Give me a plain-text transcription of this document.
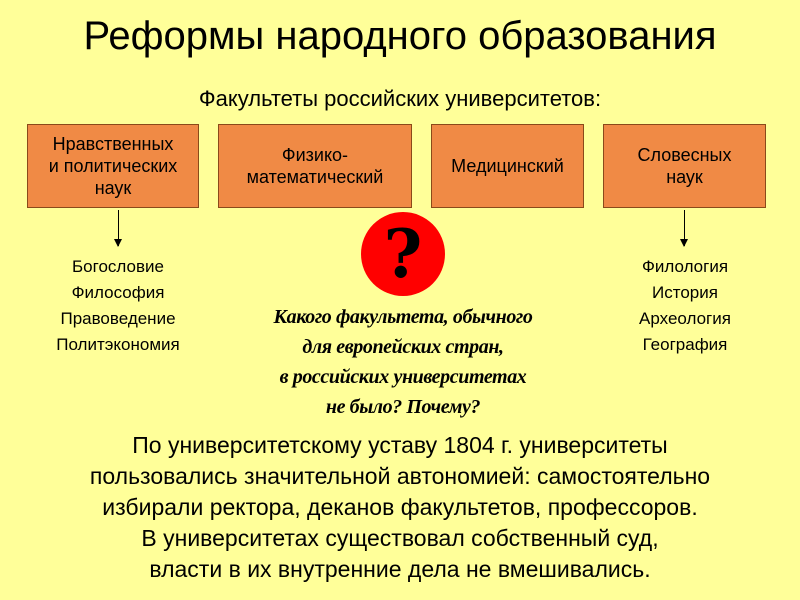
Реформы народного образования
Факультеты российских университетов:
Нравственных
и политических
наук
Физико-
математический
Медицинский
Словесных
наук
Богословие
Философия
Правоведение
Политэкономия
Филология
История
Археология
География
?
Какого факультета, обычного
для европейских стран,
в российских университетах
не было? Почему?
По университетскому уставу 1804 г. университеты
пользовались значительной автономией: самостоятельно
избирали ректора, деканов факультетов, профессоров.
В университетах существовал собственный суд,
власти в их внутренние дела не вмешивались.
